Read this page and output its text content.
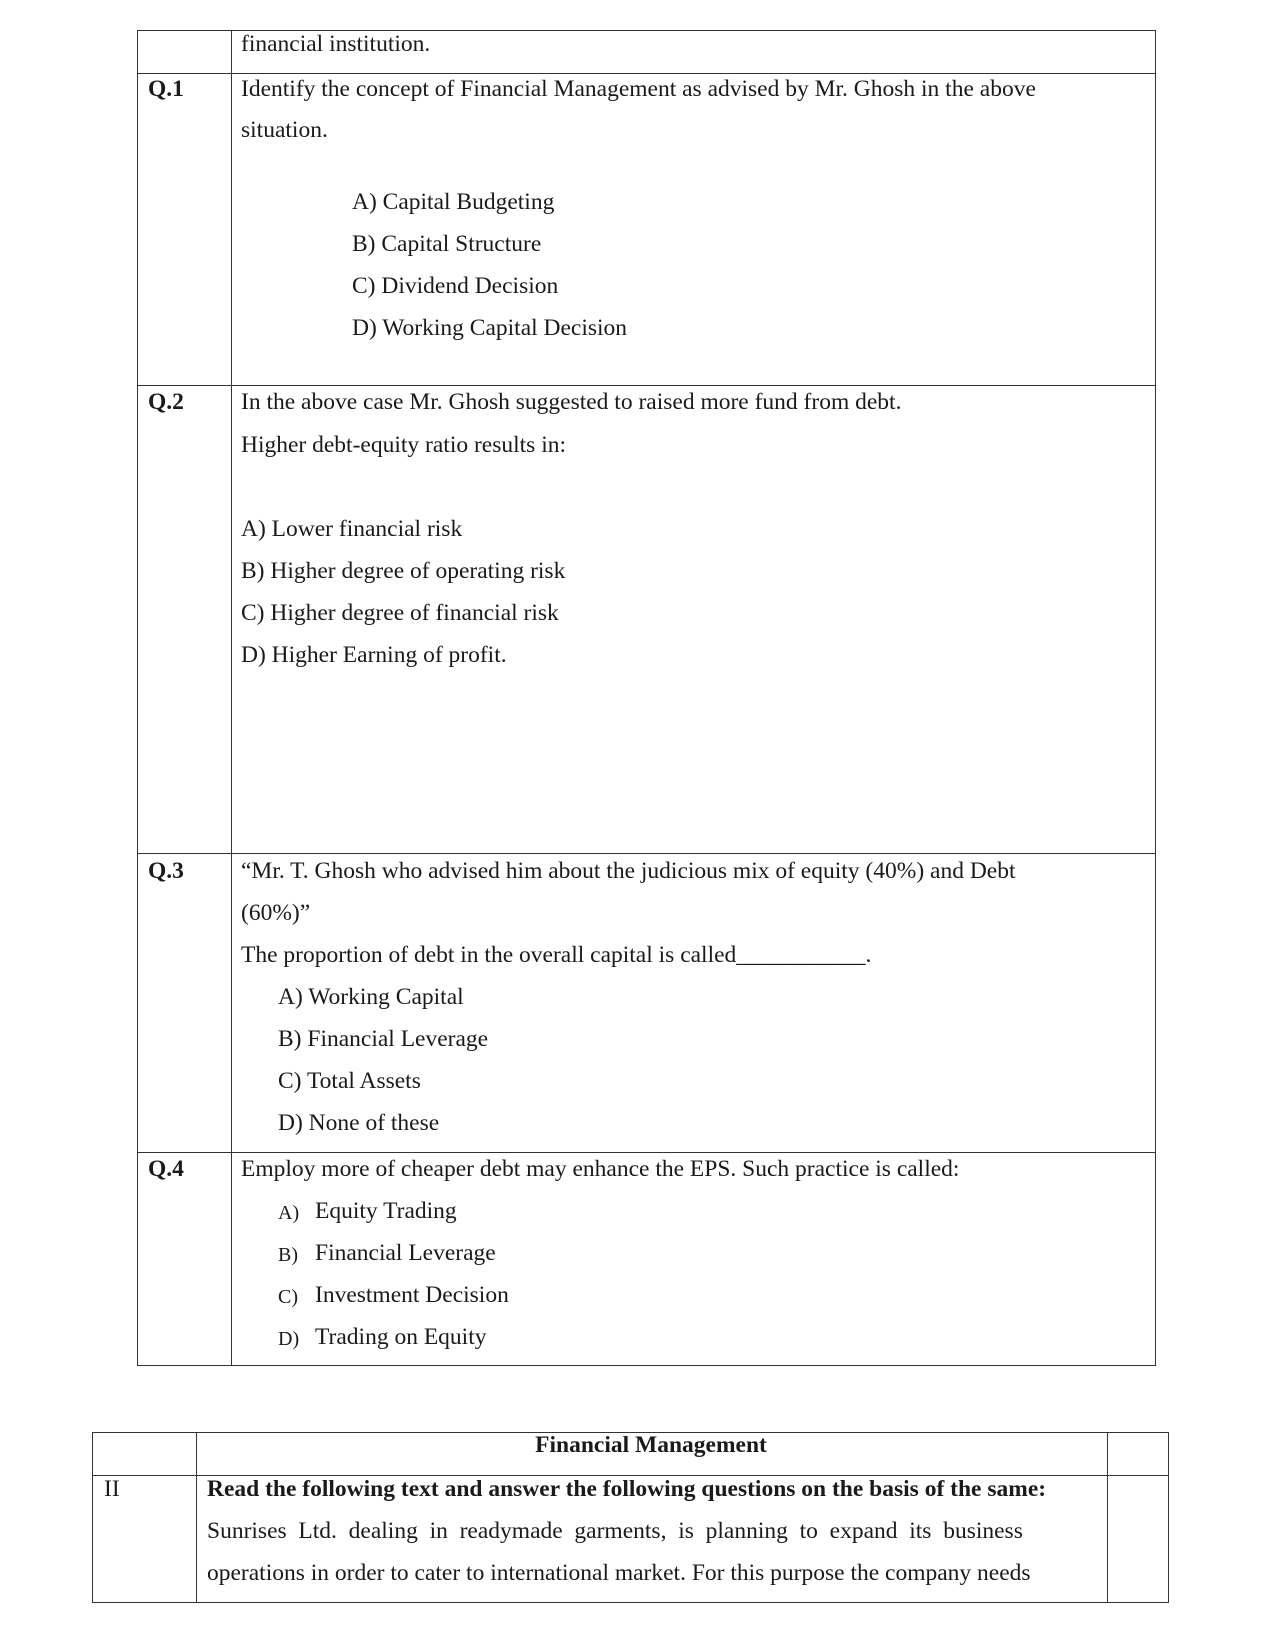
financial institution.
Q.1 Identify the concept of Financial Management as advised by Mr. Ghosh in the above
situation.
A) Capital Budgeting
B) Capital Structure
C) Dividend Decision
D) Working Capital Decision
Q.2 In the above case Mr. Ghosh suggested to raised more fund from debt.
Higher debt-equity ratio results in:
A) Lower financial risk
B) Higher degree of operating risk
C) Higher degree of financial risk
D) Higher Earning of profit.
Q.3 “Mr. T. Ghosh who advised him about the judicious mix of equity (40%) and Debt
(60%)”
The proportion of debt in the overall capital is called___________.
A) Working Capital
B) Financial Leverage
C) Total Assets
D) None of these
Q.4 Employ more of cheaper debt may enhance the EPS. Such practice is called:
A) Equity Trading
B) Financial Leverage
C) Investment Decision
D) Trading on Equity

Financial Management
II	Read the following text and answer the following questions on the basis of the same:
Sunrises  Ltd.  dealing  in  readymade  garments,  is  planning  to  expand  its  business
operations in order to cater to international market. For this purpose the company needs
